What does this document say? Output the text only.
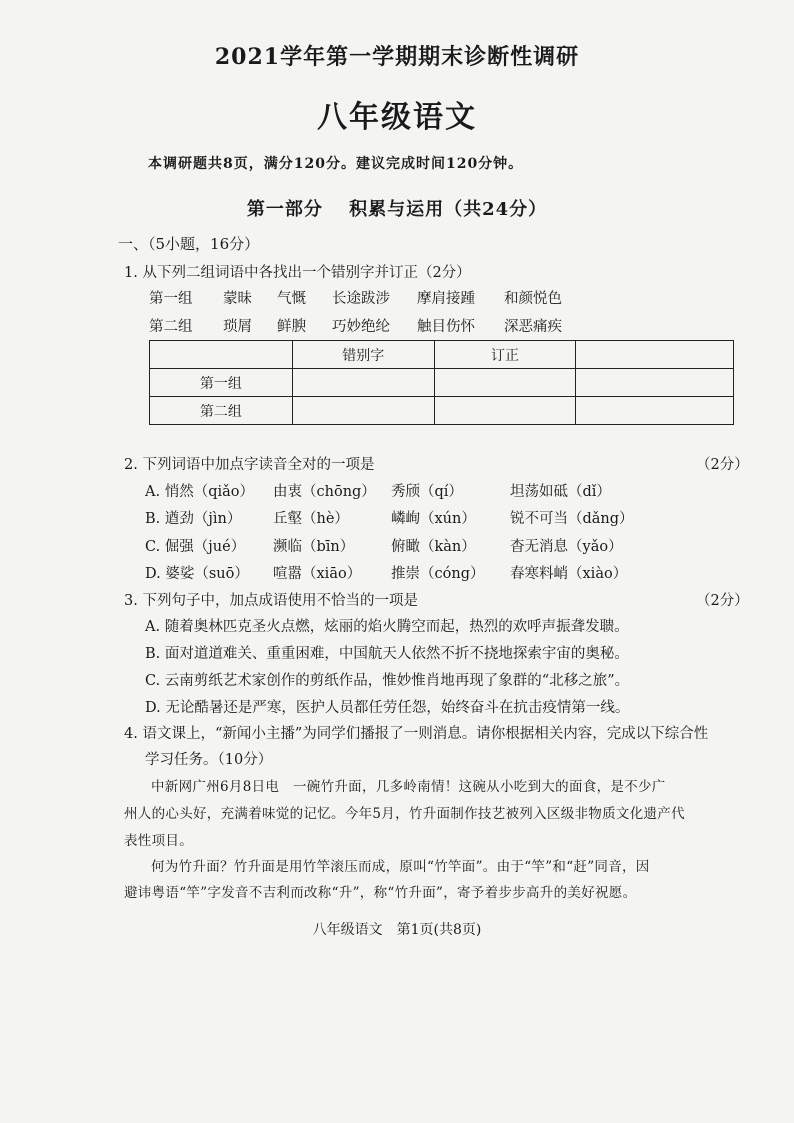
2021学年第一学期期末诊断性调研
八年级语文
本调研题共8页，满分120分。建议完成时间120分钟。
第一部分　 积累与运用（共24分）
一、（5小题，16分）
1. 从下列二组词语中各找出一个错别字并订正（2分）
第一组 蒙昧 气慨 长途跋涉 摩肩接踵 和颜悦色
第二组 琐屑 鲜腴 巧妙绝纶 触目伤怀 深恶痛疾
	错别字	订正	
第一组			
第二组			
2. 下列词语中加点字读音全对的一项是	（2分）
A. 悄然（qiǎo） 由衷（chōng） 秀颀（qí）	坦荡如砥（dǐ）
B. 遒劲（jìn） 丘壑（hè）	嶙峋（xún） 锐不可当（dǎng）
C. 倔强（jué） 濒临（bīn）	俯瞰（kàn） 杳无消息（yǎo）
D. 婆娑（suō） 喧嚣（xiāo） 推崇（cóng） 春寒料峭（xiào）
3. 下列句子中，加点成语使用不恰当的一项是	（2分）
A. 随着奥林匹克圣火点燃，炫丽的焰火腾空而起，热烈的欢呼声振聋发聩。
B. 面对道道难关、重重困难，中国航天人依然不折不挠地探索宇宙的奥秘。
C. 云南剪纸艺术家创作的剪纸作品，惟妙惟肖地再现了象群的“北移之旅”。
D. 无论酷暑还是严寒，医护人员都任劳任怨，始终奋斗在抗击疫情第一线。
4. 语文课上，“新闻小主播”为同学们播报了一则消息。请你根据相关内容，完成以下综合性
学习任务。（10分）
中新网广州6月8日电　一碗竹升面，几多岭南情！这碗从小吃到大的面食，是不少广
州人的心头好，充满着味觉的记忆。今年5月，竹升面制作技艺被列入区级非物质文化遗产代
表性项目。
何为竹升面？竹升面是用竹竿滚压而成，原叫“竹竿面”。由于“竿”和“赶”同音，因
避讳粤语“竿”字发音不吉利而改称“升”，称“竹升面”，寄予着步步高升的美好祝愿。
八年级语文　第1页(共8页)
